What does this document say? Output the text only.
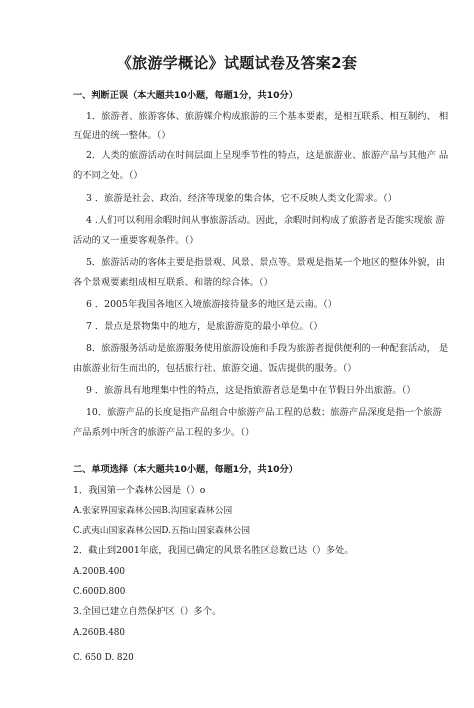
《旅游学概论》试题试卷及答案2套
一、判断正误（本大题共10小题，每题1分，共10分）
1．旅游者、旅游客体、旅游媒介构成旅游的三个基本要素，是相互联系、相互制约、 相
互促进的统一整体。（）
2．人类的旅游活动在时间层面上呈现季节性的特点，这是旅游业、旅游产品与其他产 品
的不同之处。（）
3 ．旅游是社会、政治、经济等现象的集合体，它不反映人类文化需求。（）
4 .人们可以利用余暇时间从事旅游活动。因此，余暇时间构成了旅游者是否能实现旅 游
活动的又一重要客观条件。（）
5．旅游活动的客体主要是指景观、风景、景点等。景观是指某一个地区的整体外貌，由
各个景观要素组成相互联系、和谐的综合体。（）
6 ．2005年我国各地区入境旅游接待量多的地区是云南。（）
7 ．景点是景物集中的地方，是旅游游览的最小单位。（）
8．旅游服务活动是旅游服务使用旅游设施和手段为旅游者提供便利的一种配套活动， 是
由旅游业衍生而出的，包括旅行社、旅游交通、饭店提供的服务。（）
9 ．旅游具有地理集中性的特点，这是指旅游者总是集中在节假日外出旅游。（）
10．旅游产品的长度是指产品组合中旅游产品工程的总数；旅游产品深度是指一个旅游
产品系列中所含的旅游产品工程的多少。（）
二、单项选择（本大题共10小题，每题1分，共10分）
1．我国第一个森林公园是（）o
A.张家界国家森林公园B.沟国家森林公园
C.武夷山国家森林公园D.五指山国家森林公园
2．截止到2001年底，我国已确定的风景名胜区总数已达（）多处。
A.200B.400
C.600D.800
3.全国已建立自然保护区（）多个。
A.260B.480
C. 650 D. 820
